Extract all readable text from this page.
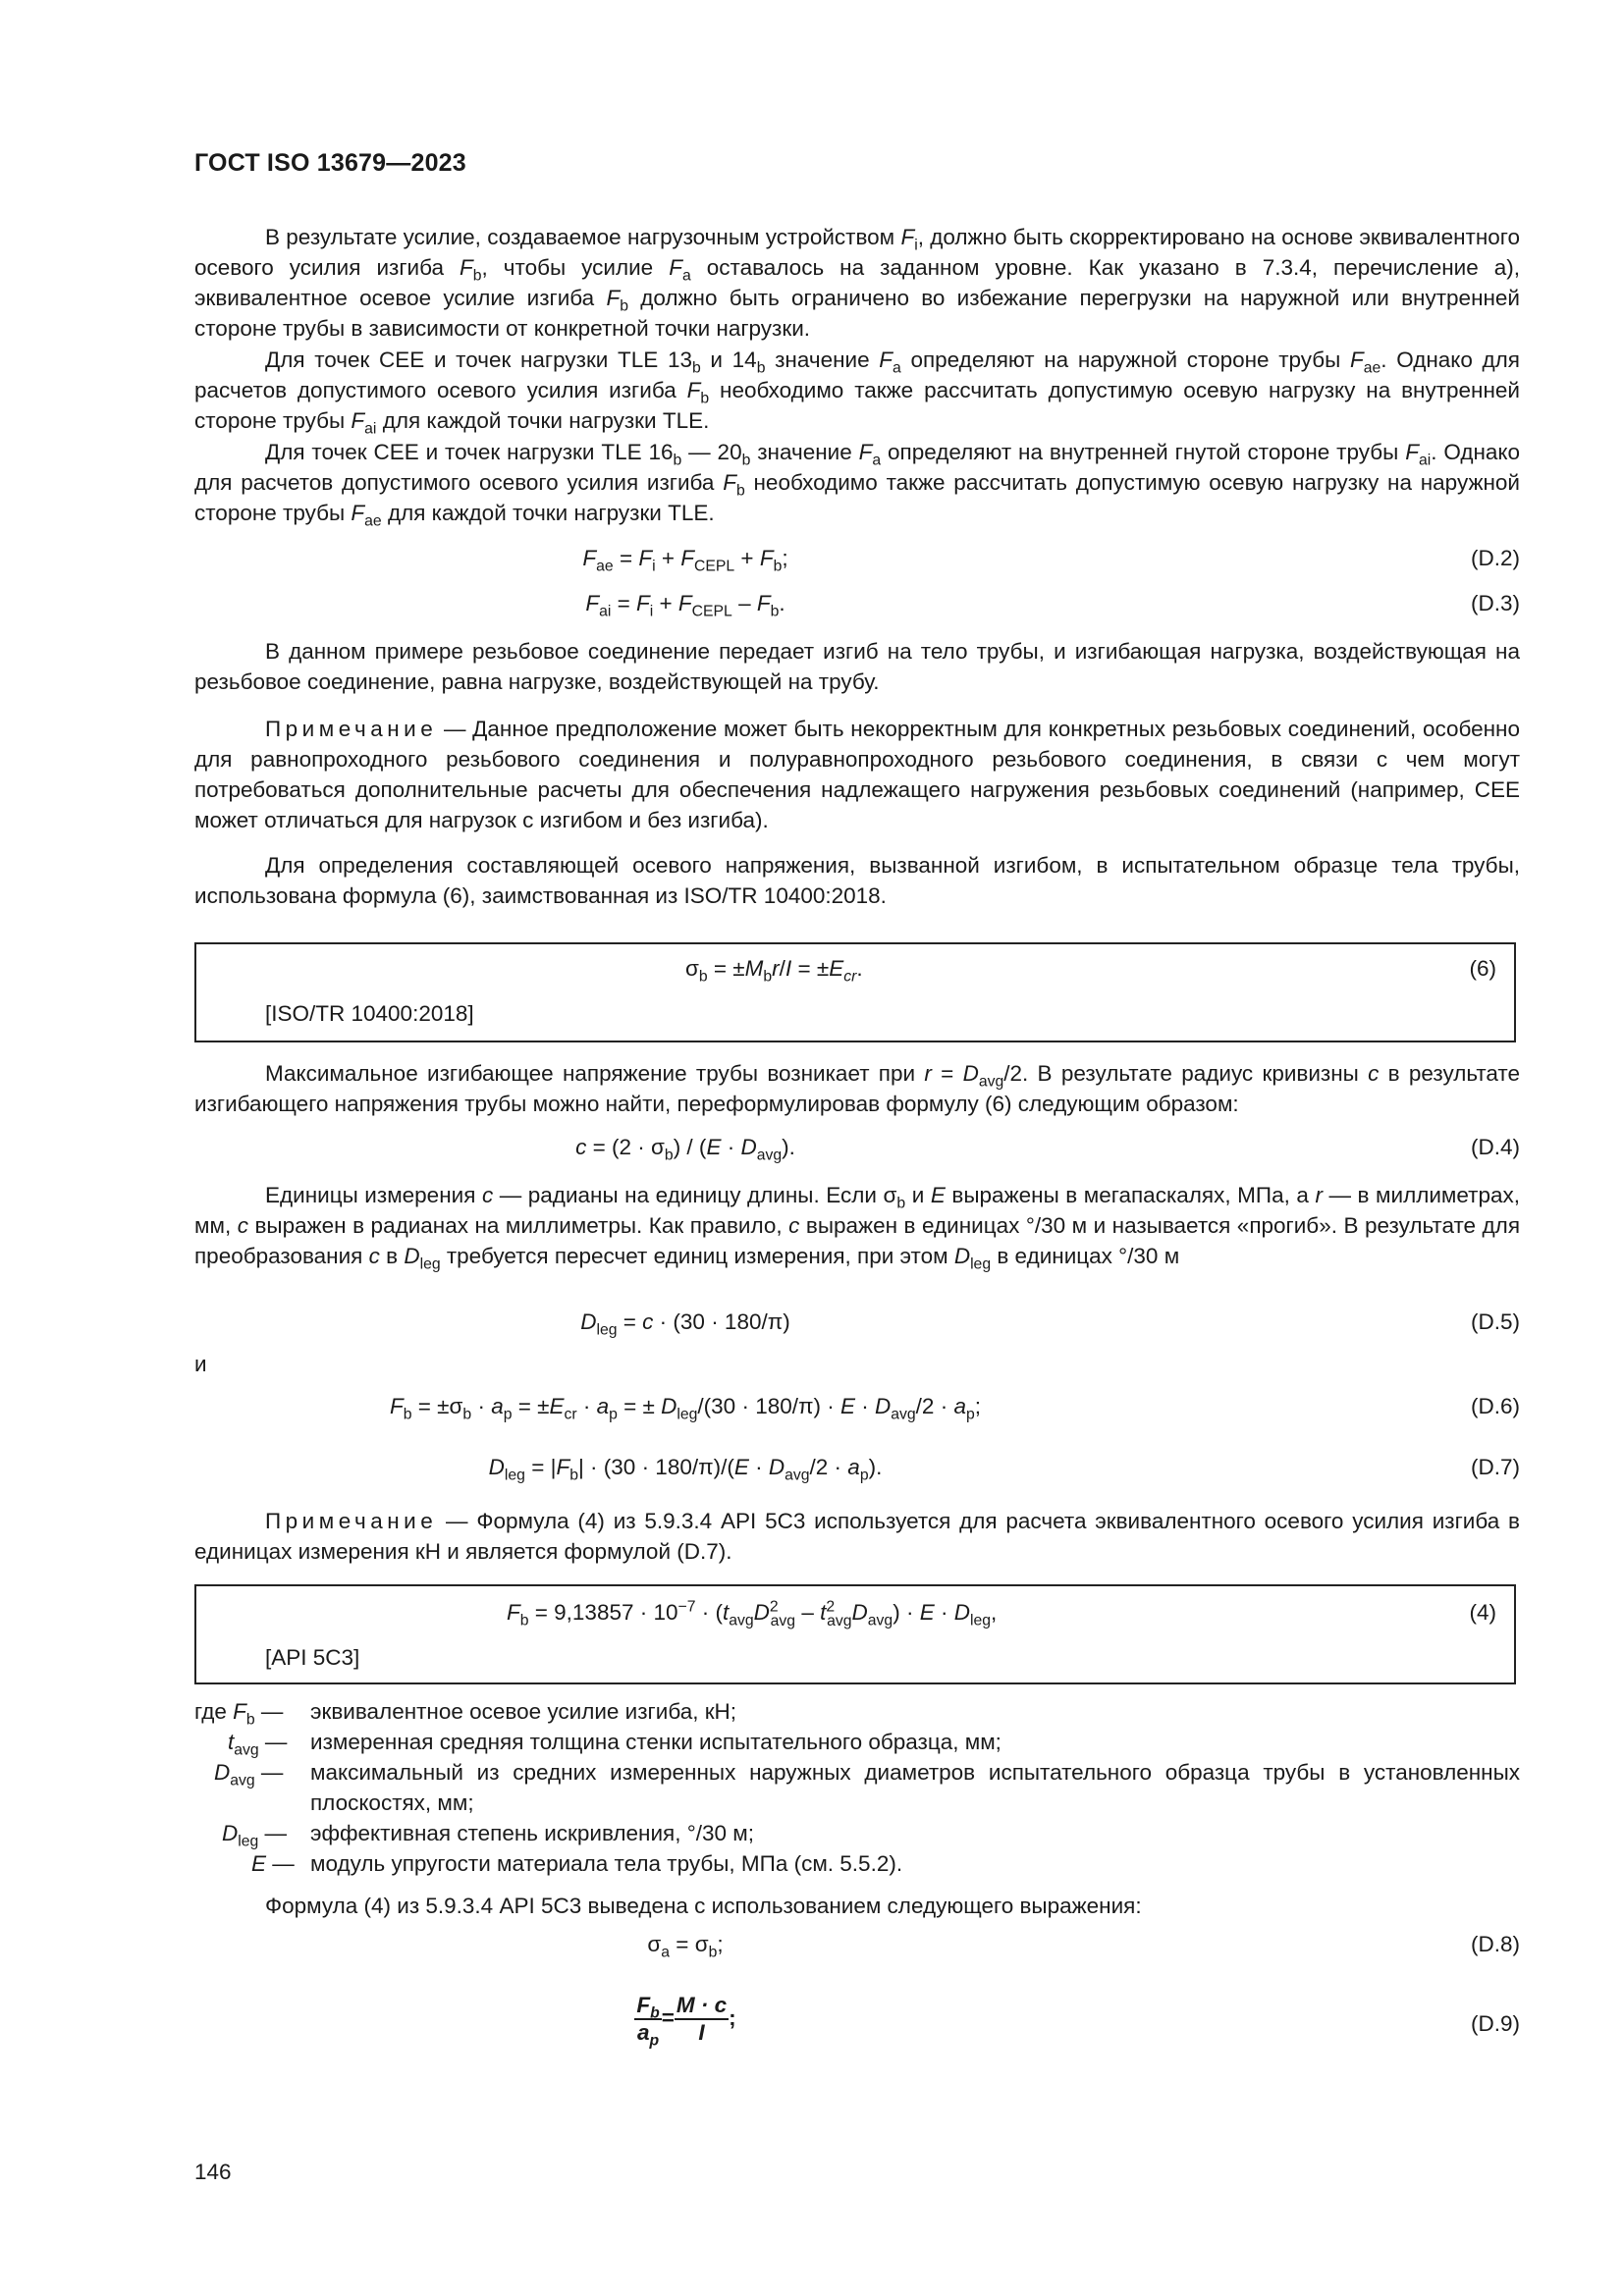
ГОСТ ISO 13679—2023
В результате усилие, создаваемое нагрузочным устройством $F_i$, должно быть скорректировано на основе эквивалентного осевого усилия изгиба $F_b$, чтобы усилие $F_a$ оставалось на заданном уровне. Как указано в 7.3.4, перечисление а), эквивалентное осевое усилие изгиба $F_b$ должно быть ограничено во избежание перегрузки на наружной или внутренней стороне трубы в зависимости от конкретной точки нагрузки.
Для точек CEE и точек нагрузки TLE $13_b$ и $14_b$ значение $F_a$ определяют на наружной стороне трубы $F_{ae}$. Однако для расчетов допустимого осевого усилия изгиба $F_b$ необходимо также рассчитать допустимую осевую нагрузку на внутренней стороне трубы $F_{ai}$ для каждой точки нагрузки TLE.
Для точек CEE и точек нагрузки TLE $16_b$ — $20_b$ значение $F_a$ определяют на внутренней гнутой стороне трубы $F_{ai}$. Однако для расчетов допустимого осевого усилия изгиба $F_b$ необходимо также рассчитать допустимую осевую нагрузку на наружной стороне трубы $F_{ae}$ для каждой точки нагрузки TLE.
$F_{ae} = F_i + F_{CEPL} + F_b$;	(D.2)
$F_{ai} = F_i + F_{CEPL} - F_b$.	(D.3)
В данном примере резьбовое соединение передает изгиб на тело трубы, и изгибающая нагрузка, воздействующая на резьбовое соединение, равна нагрузке, воздействующей на трубу.
Примечание — Данное предположение может быть некорректным для конкретных резьбовых соединений, особенно для равнопроходного резьбового соединения и полуравнопроходного резьбового соединения, в связи с чем могут потребоваться дополнительные расчеты для обеспечения надлежащего нагружения резьбовых соединений (например, CEE может отличаться для нагрузок с изгибом и без изгиба).
Для определения составляющей осевого напряжения, вызванной изгибом, в испытательном образце тела трубы, использована формула (6), заимствованная из ISO/TR 10400:2018.
$\sigma_b = \pm M_br/I = \pm E_{cr}$.	(6)
[ISO/TR 10400:2018]
Максимальное изгибающее напряжение трубы возникает при $r = D_{avg}/2$. В результате радиус кривизны c в результате изгибающего напряжения трубы можно найти, переформулировав формулу (6) следующим образом:
$c = (2 \cdot \sigma_b) / (E \cdot D_{avg})$.	(D.4)
Единицы измерения c — радианы на единицу длины. Если $\sigma_b$ и E выражены в мегапаскалях, МПа, а r — в миллиметрах, мм, c выражен в радианах на миллиметры. Как правило, c выражен в единицах °/30 м и называется «прогиб». В результате для преобразования c в $D_{leg}$ требуется пересчет единиц измерения, при этом $D_{leg}$ в единицах °/30 м
$D_{leg} = c \cdot (30 \cdot 180/\pi)$	(D.5)
и
$F_b = \pm\sigma_b \cdot a_p = \pm E_{cr} \cdot a_p$ = ± $D_{leg}/(30 \cdot 180/\pi) \cdot E \cdot D_{avg}/2 \cdot a_p$;	(D.6)
$D_{leg} = |F_b| \cdot (30 \cdot 180/\pi)/(E \cdot D_{avg}/2 \cdot a_p)$.	(D.7)
Примечание — Формула (4) из 5.9.3.4 API 5C3 используется для расчета эквивалентного осевого усилия изгиба в единицах измерения кН и является формулой (D.7).
$F_b = 9,13857 \cdot 10^{-7} \cdot (t_{avg}D^2_{avg} - t^2_{avg}D_{avg}) \cdot E \cdot D_{leg}$,	(4)
[API 5C3]
где $F_b$ — эквивалентное осевое усилие изгиба, кН;
$t_{avg}$ — измеренная средняя толщина стенки испытательного образца, мм;
$D_{avg}$ — максимальный из средних измеренных наружных диаметров испытательного образца трубы в установленных плоскостях, мм;
$D_{leg}$ — эффективная степень искривления, °/30 м;
E — модуль упругости материала тела трубы, МПа (см. 5.5.2).
Формула (4) из 5.9.3.4 API 5C3 выведена с использованием следующего выражения:
$\sigma_a = \sigma_b$;	(D.8)
$\frac{F_b}{a_p} = \frac{M \cdot c}{I}$ ;	(D.9)
146
